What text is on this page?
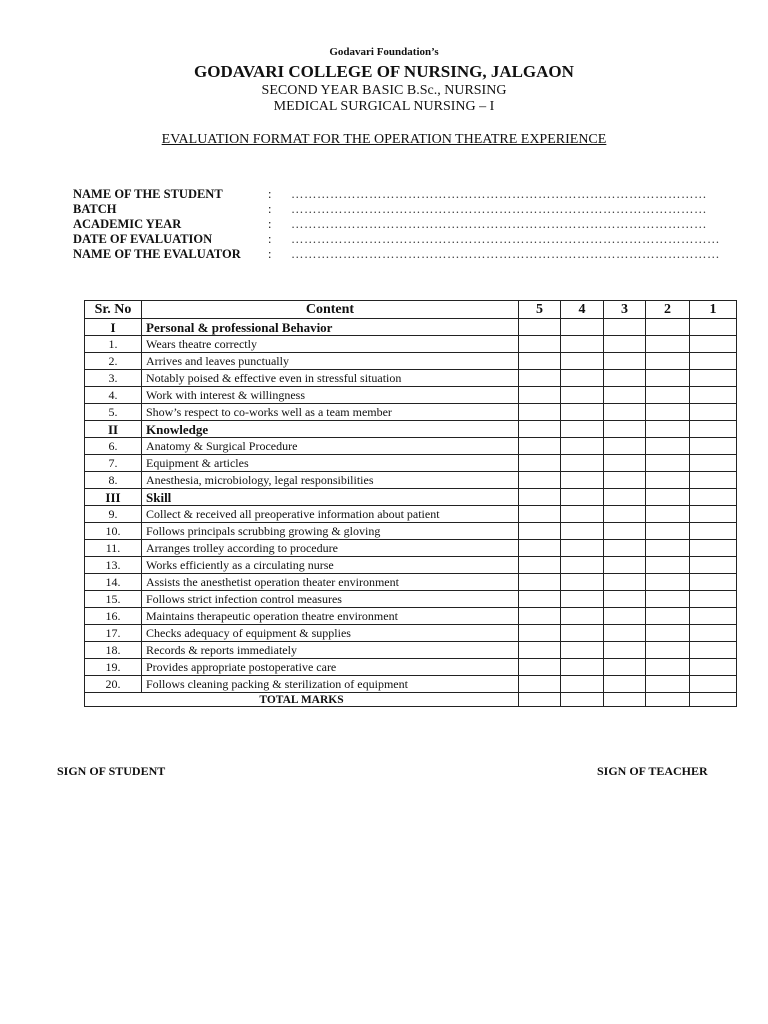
Godavari Foundation’s
GODAVARI COLLEGE OF NURSING, JALGAON
SECOND YEAR BASIC B.Sc., NURSING
MEDICAL SURGICAL NURSING – I
EVALUATION FORMAT FOR THE OPERATION THEATRE EXPERIENCE
NAME OF THE STUDENT	: ……………………………………………………………………………………
BATCH	: ……………………………………………………………………………………
ACADEMIC YEAR	: ……………………………………………………………………………………
DATE OF EVALUATION	: ………………………………………………………………………………………
NAME OF THE EVALUATOR : ………………………………………………………………………………………
Sr. No	Content	5	4	3	2	1
I	Personal & professional Behavior					
1.	Wears theatre correctly					
2.	Arrives and leaves punctually					
3.	Notably poised & effective even in stressful situation					
4.	Work with interest & willingness					
5.	Show’s respect to co-works well as a team member					
II	Knowledge					
6.	Anatomy & Surgical Procedure					
7.	Equipment & articles					
8.	Anesthesia, microbiology, legal responsibilities					
III	Skill					
9.	Collect & received all preoperative information about patient					
10.	Follows principals scrubbing growing & gloving					
11.	Arranges trolley according to procedure					
13.	Works efficiently as a circulating nurse					
14.	Assists the anesthetist operation theater environment					
15.	Follows strict infection control measures					
16.	Maintains therapeutic operation theatre environment					
17.	Checks adequacy of equipment & supplies					
18.	Records & reports immediately					
19.	Provides appropriate postoperative care					
20.	Follows cleaning packing & sterilization of equipment					
TOTAL MARKS						
SIGN OF STUDENT	SIGN OF TEACHER
